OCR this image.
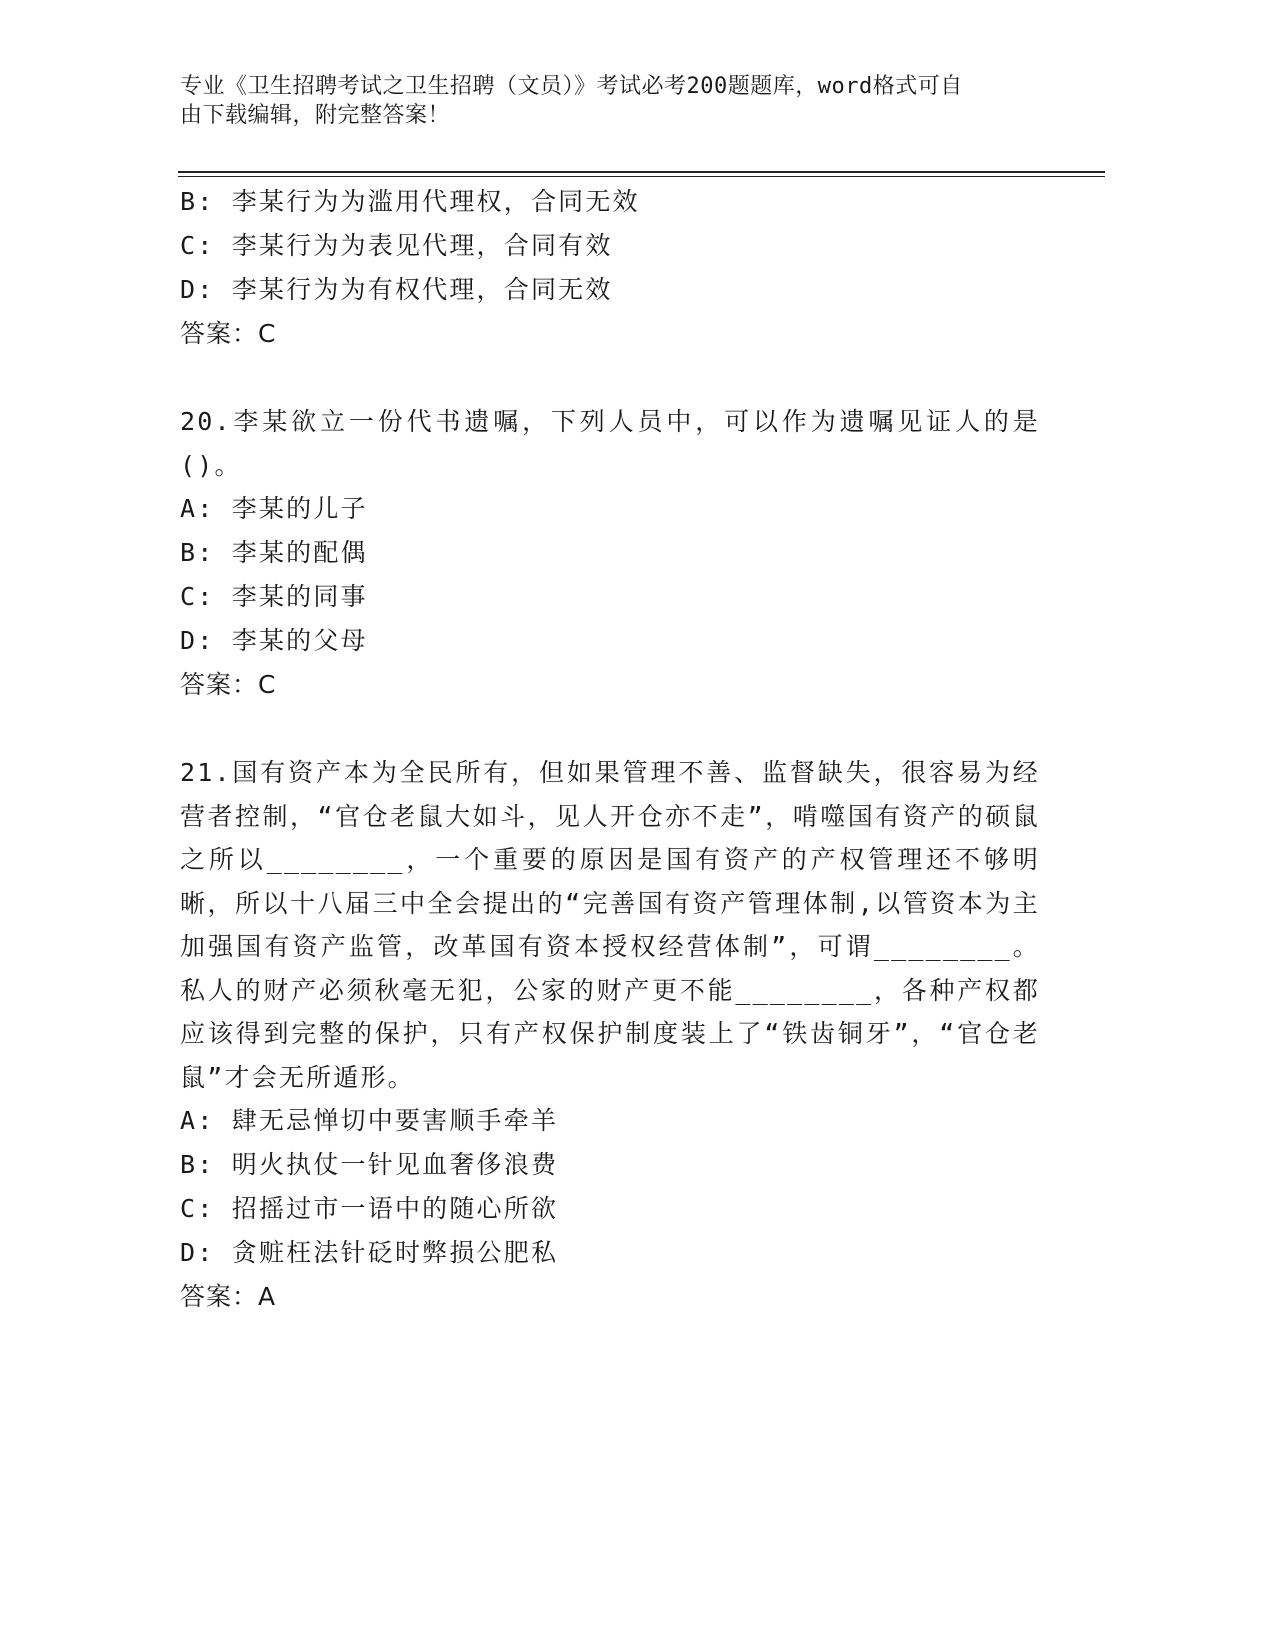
专业《卫生招聘考试之卫生招聘（文员）》考试必考200题题库，word格式可自
由下载编辑，附完整答案！
B: 李某行为为滥用代理权，合同无效
C: 李某行为为表见代理，合同有效
D: 李某行为为有权代理，合同无效
答案：C
20.李某欲立一份代书遗嘱，下列人员中，可以作为遗嘱见证人的是()。
A: 李某的儿子
B: 李某的配偶
C: 李某的同事
D: 李某的父母
答案：C
21.国有资产本为全民所有，但如果管理不善、监督缺失，很容易为经营者控制，“官仓老鼠大如斗，见人开仓亦不走”，啃噬国有资产的硕鼠之所以________，一个重要的原因是国有资产的产权管理还不够明晰，所以十八届三中全会提出的“完善国有资产管理体制,以管资本为主加强国有资产监管，改革国有资本授权经营体制”，可谓________。私人的财产必须秋毫无犯，公家的财产更不能________，各种产权都应该得到完整的保护，只有产权保护制度装上了“铁齿铜牙”，“官仓老鼠”才会无所遁形。
A: 肆无忌惮切中要害顺手牵羊
B: 明火执仗一针见血奢侈浪费
C: 招摇过市一语中的随心所欲
D: 贪赃枉法针砭时弊损公肥私
答案：A
